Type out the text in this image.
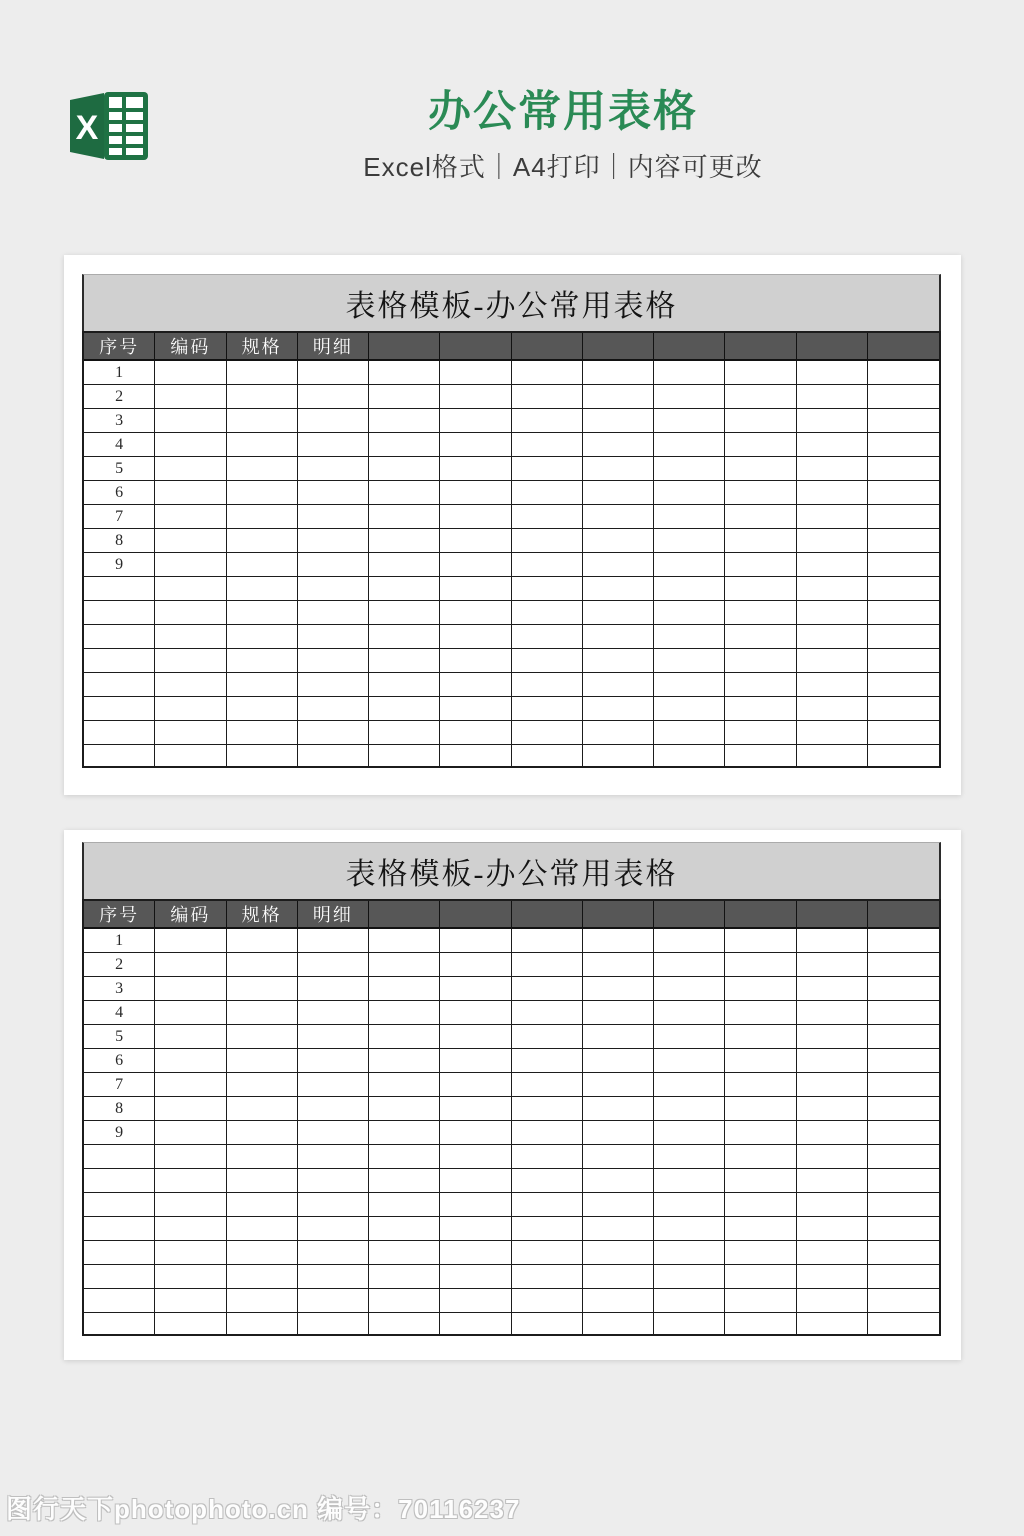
X	办公常用表格
Excel格式｜A4打印｜内容可更改
表格模板-办公常用表格
序号	编码	规格	明细
1
2
3
4
5
6
7
8
9
表格模板-办公常用表格
序号	编码	规格	明细
1
2
3
4
5
6
7
8
9
图行天下photophoto.cn 编号：70116237
